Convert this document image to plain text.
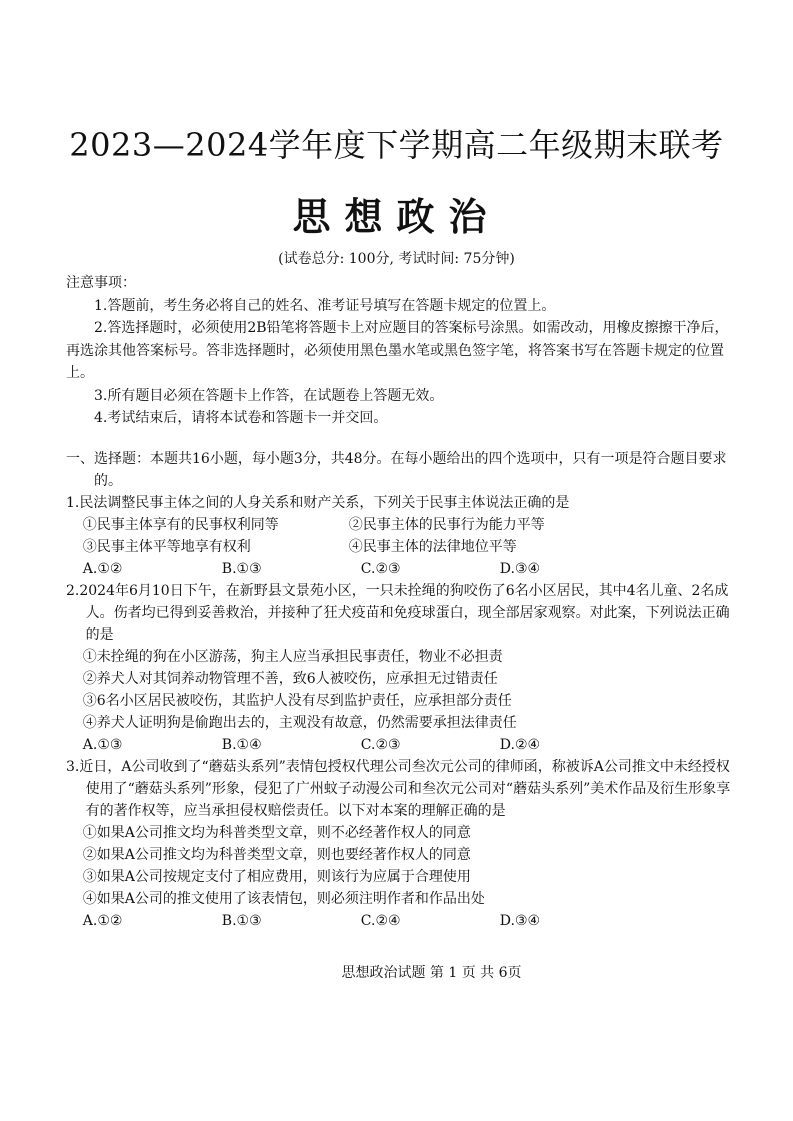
2023—2024学年度下学期高二年级期末联考
思想政治
(试卷总分: 100分, 考试时间: 75分钟)

注意事项：

1.答题前，考生务必将自己的姓名、准考证号填写在答题卡规定的位置上。

2.答选择题时，必须使用2B铅笔将答题卡上对应题目的答案标号涂黑。如需改动，用橡皮擦擦干净后，再选涂其他答案标号。答非选择题时，必须使用黑色墨水笔或黑色签字笔，将答案书写在答题卡规定的位置上。

3.所有题目必须在答题卡上作答，在试题卷上答题无效。

4.考试结束后，请将本试卷和答题卡一并交回。

一、选择题：本题共16小题，每小题3分，共48分。在每小题给出的四个选项中，只有一项是符合题目要求的。

1.民法调整民事主体之间的人身关系和财产关系，下列关于民事主体说法正确的是

①民事主体享有的民事权利同等	②民事主体的民事行为能力平等
③民事主体平等地享有权利	④民事主体的法律地位平等
A.①②	B.①③	C.②③	D.③④

2.2024年6月10日下午，在新野县文景苑小区，一只未拴绳的狗咬伤了6名小区居民，其中4名儿童、2名成人。伤者均已得到妥善救治，并接种了狂犬疫苗和免疫球蛋白，现全部居家观察。对此案，下列说法正确的是

①未拴绳的狗在小区游荡，狗主人应当承担民事责任，物业不必担责

②养犬人对其饲养动物管理不善，致6人被咬伤，应承担无过错责任

③6名小区居民被咬伤，其监护人没有尽到监护责任，应承担部分责任

④养犬人证明狗是偷跑出去的，主观没有故意，仍然需要承担法律责任

A.①③	B.①④	C.②③	D.②④

3.近日，A公司收到了“蘑菇头系列”表情包授权代理公司叁次元公司的律师函，称被诉A公司推文中未经授权使用了“蘑菇头系列”形象，侵犯了广州蚊子动漫公司和叁次元公司对“蘑菇头系列”美术作品及衍生形象享有的著作权等，应当承担侵权赔偿责任。以下对本案的理解正确的是

①如果A公司推文均为科普类型文章，则不必经著作权人的同意

②如果A公司推文均为科普类型文章，则也要经著作权人的同意

③如果A公司按规定支付了相应费用，则该行为应属于合理使用

④如果A公司的推文使用了该表情包，则必须注明作者和作品出处

A.①②	B.①③	C.②④	D.③④
思想政治试题 第 1 页 共 6页
